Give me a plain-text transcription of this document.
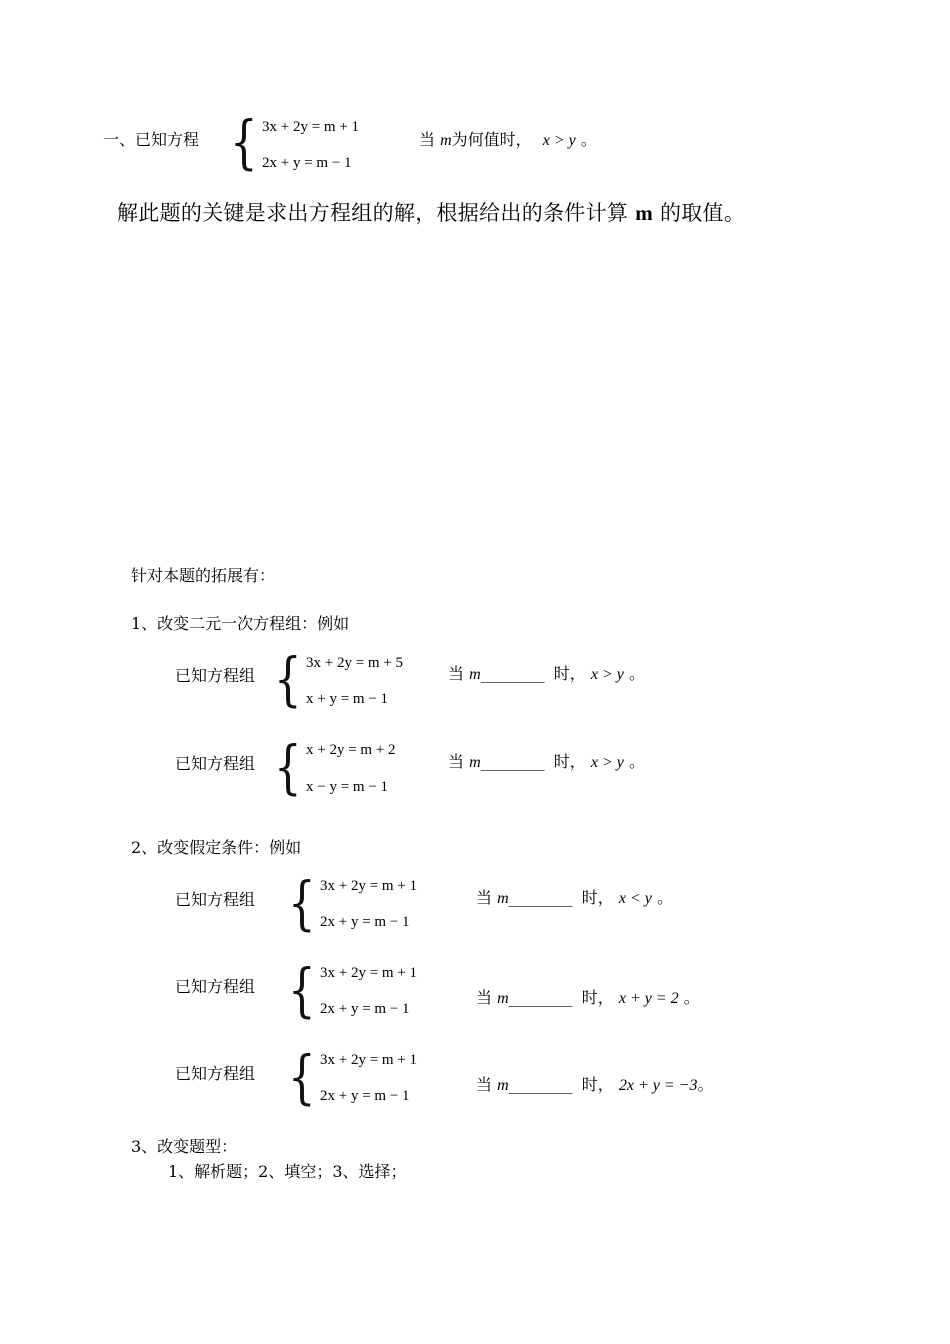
一、已知方程 { 3x + 2y = m + 1
2x + y = m − 1
当 m为何值时， x > y 。
解此题的关键是求出方程组的解，根据给出的条件计算 m 的取值。
针对本题的拓展有：
1、改变二元一次方程组：例如
已知方程组 { 3x + 2y = m + 5
x + y = m − 1
当 m________ 时， x > y 。
已知方程组 { x + 2y = m + 2
x − y = m − 1
当 m________ 时， x > y 。
2、改变假定条件：例如
已知方程组 { 3x + 2y = m + 1
2x + y = m − 1
当 m________ 时， x < y 。
已知方程组 { 3x + 2y = m + 1
2x + y = m − 1
当 m________ 时， x + y = 2 。
已知方程组 { 3x + 2y = m + 1
2x + y = m − 1
当 m________ 时， 2x + y = −3。
3、改变题型：
1、解析题；2、填空；3、选择；
